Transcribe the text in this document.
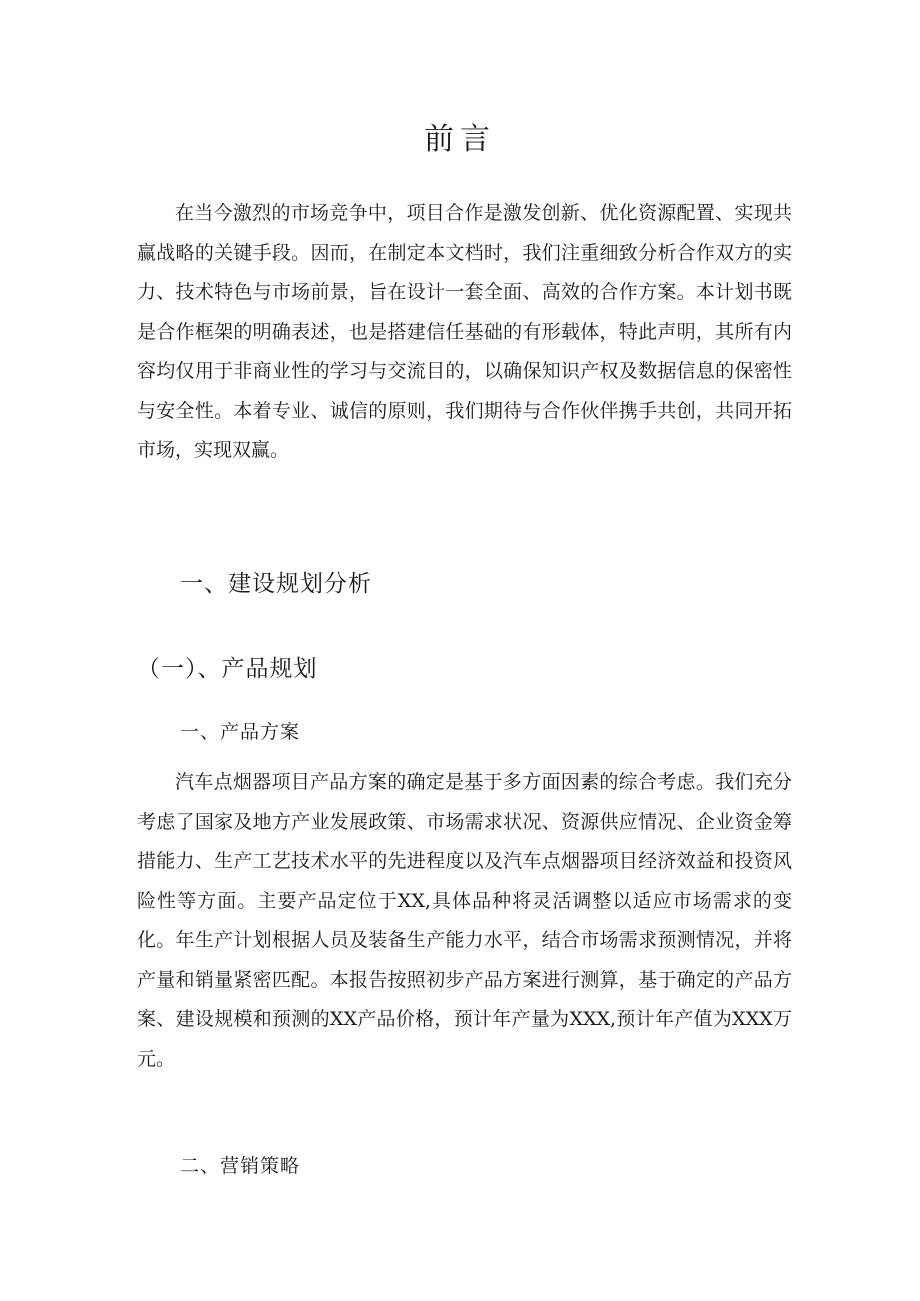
前言

在当今激烈的市场竞争中，项目合作是激发创新、优化资源配置、实现共赢战略的关键手段。因而，在制定本文档时，我们注重细致分析合作双方的实力、技术特色与市场前景，旨在设计一套全面、高效的合作方案。本计划书既是合作框架的明确表述，也是搭建信任基础的有形载体，特此声明，其所有内容均仅用于非商业性的学习与交流目的，以确保知识产权及数据信息的保密性与安全性。本着专业、诚信的原则，我们期待与合作伙伴携手共创，共同开拓市场，实现双赢。

一、建设规划分析
（一）、产品规划
一、产品方案

汽车点烟器项目产品方案的确定是基于多方面因素的综合考虑。我们充分考虑了国家及地方产业发展政策、市场需求状况、资源供应情况、企业资金筹措能力、生产工艺技术水平的先进程度以及汽车点烟器项目经济效益和投资风险性等方面。主要产品定位于XX,具体品种将灵活调整以适应市场需求的变化。年生产计划根据人员及装备生产能力水平，结合市场需求预测情况，并将产量和销量紧密匹配。本报告按照初步产品方案进行测算，基于确定的产品方案、建设规模和预测的XX产品价格，预计年产量为XXX,预计年产值为XXX万元。

二、营销策略
